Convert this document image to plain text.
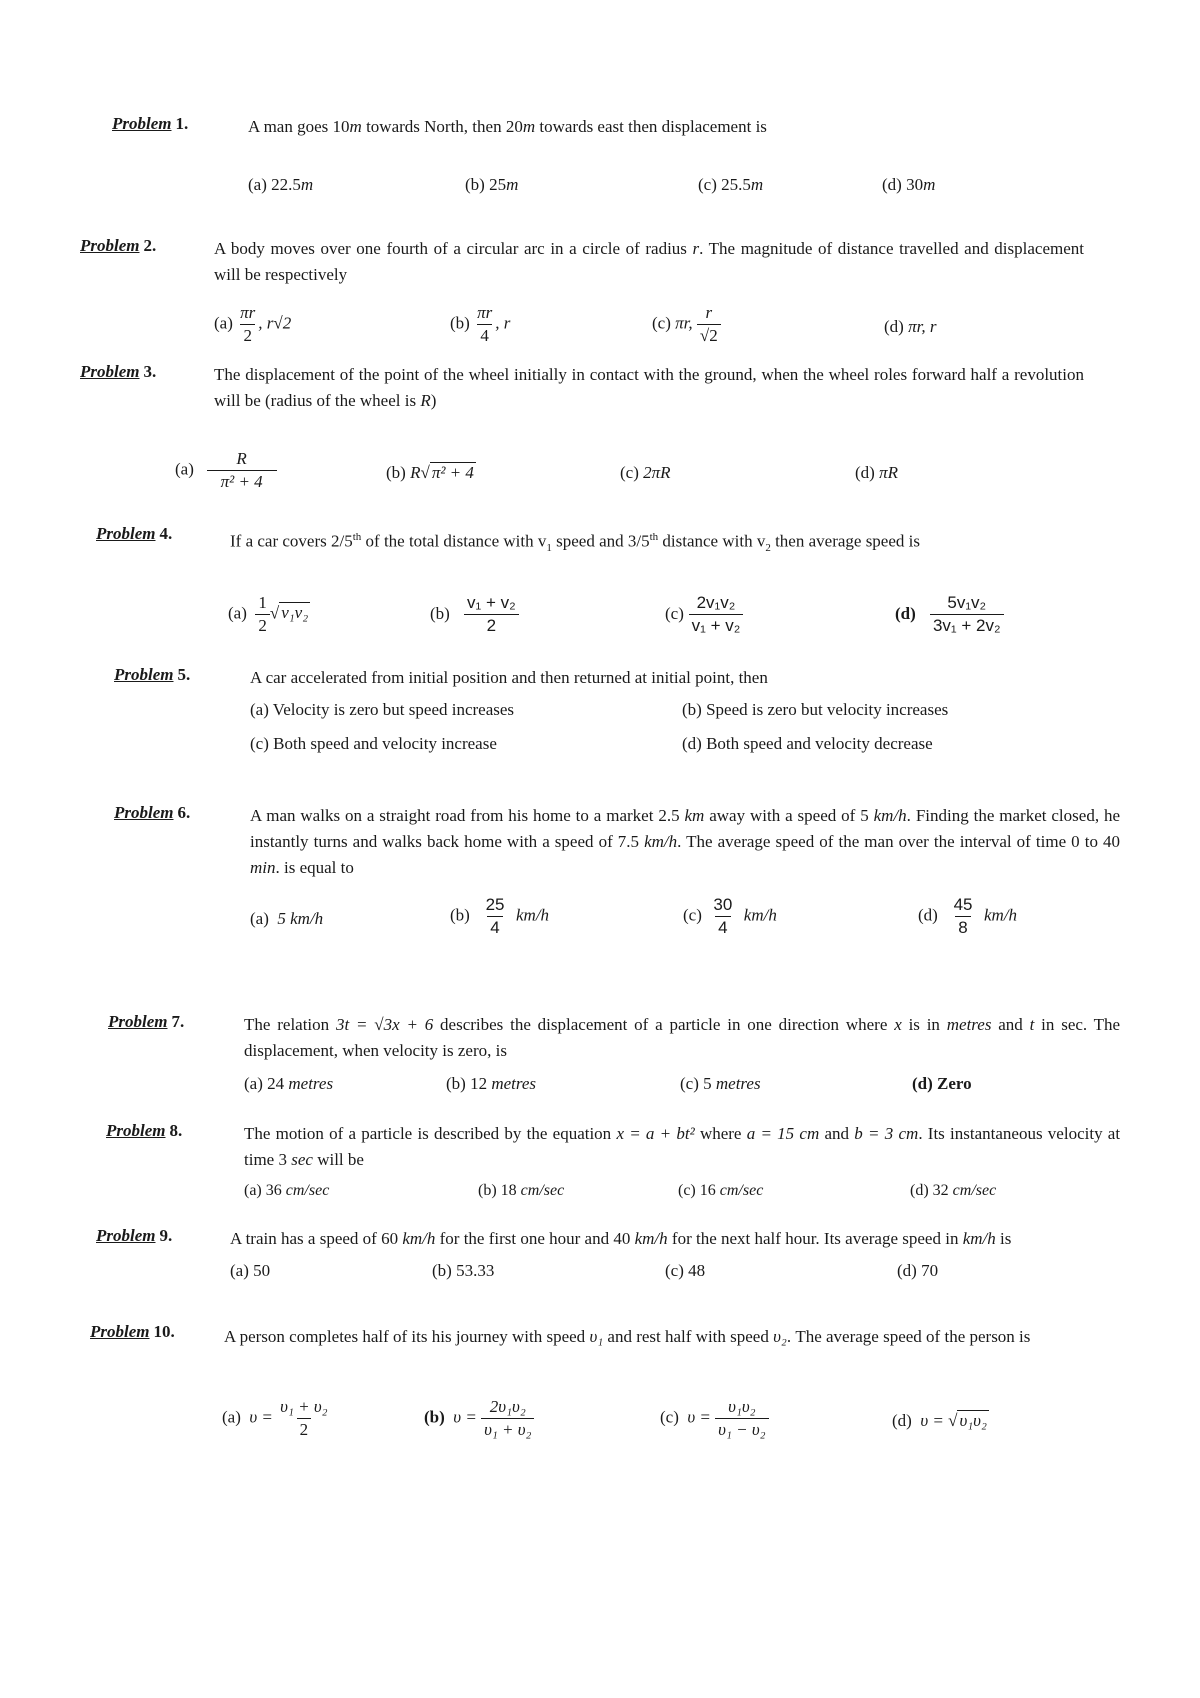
Problem 1.	A man goes 10m towards North, then 20m towards east then displacement is
(a) 22.5m	(b) 25m	(c) 25.5m	(d) 30m
Problem 2.	A body moves over one fourth of a circular arc in a circle of radius r. The magnitude of distance travelled and displacement will be respectively
$(a) \frac{\pi r}{2}$ , r√2	$(b) \frac{\pi r}{4}$ , r	(c) πr, $\frac{r}{√2}$	(d) πr, r
Problem 3.	The displacement of the point of the wheel initially in contact with the ground, when the wheel roles forward half a revolution will be (radius of the wheel is R)
$(a) \frac{R}{\text{π² + 4}}$	(b) R√ π² + 4	(c) 2πR	(d) πR
Problem 4.	If a car covers 2/5th of the total distance with $v_1$ speed and 3/5th distance with $v_2$ then average speed is
$(a) \frac{1}{2}$ √ v₁v₂	$(b) \frac{\text{v₁ + v₂}}{2}$	$(c) \frac{\text{2v₁v₂}}{\text{v₁ + v₂}}$	$(d) \frac{\text{5v₁v₂}}{\text{3v₁ + 2v₂}}$
Problem 5.	A car accelerated from initial position and then returned at initial point, then
(a) Velocity is zero but speed increases	(b) Speed is zero but velocity increases
(c) Both speed and velocity increase	(d) Both speed and velocity decrease
Problem 6.	A man walks on a straight road from his home to a market 2.5 km away with a speed of 5 km/h. Finding the market closed, he instantly turns and walks back home with a speed of 7.5 km/h. The average speed of the man over the interval of time 0 to 40 min. is equal to
(a) 5 km/h	$(b) \frac{25}{4} km/h$	$(c) \frac{30}{4} km/h$	$(d) \frac{45}{8} km/h$
Problem 7.	The relation 3t = √3x + 6 describes the displacement of a particle in one direction where x is in metres and t in sec. The displacement, when velocity is zero, is
(a) 24 metres	(b) 12 metres	(c) 5 metres	(d) Zero
Problem 8.	The motion of a particle is described by the equation x = a + bt² where a = 15 cm and b = 3 cm. Its instantaneous velocity at time 3 sec will be
(a) 36 cm/sec	(b) 18 cm/sec	(c) 16 cm/sec	(d) 32 cm/sec
Problem 9.	A train has a speed of 60 km/h for the first one hour and 40 km/h for the next half hour. Its average speed in km/h is
(a) 50	(b) 53.33	(c) 48	(d) 70
Problem 10.	A person completes half of its his journey with speed υ₁ and rest half with speed υ₂. The average speed of the person is
(a) $\upsilon = \frac{\text{υ₁ + υ₂}}{2}$	(b) $\upsilon = \frac{\text{2υ₁υ₂}}{\text{υ₁ + υ₂}}$	(c) $\upsilon = \frac{\text{υ₁υ₂}}{\text{υ₁ − υ₂}}$	(d) υ = √ υ₁υ₂
